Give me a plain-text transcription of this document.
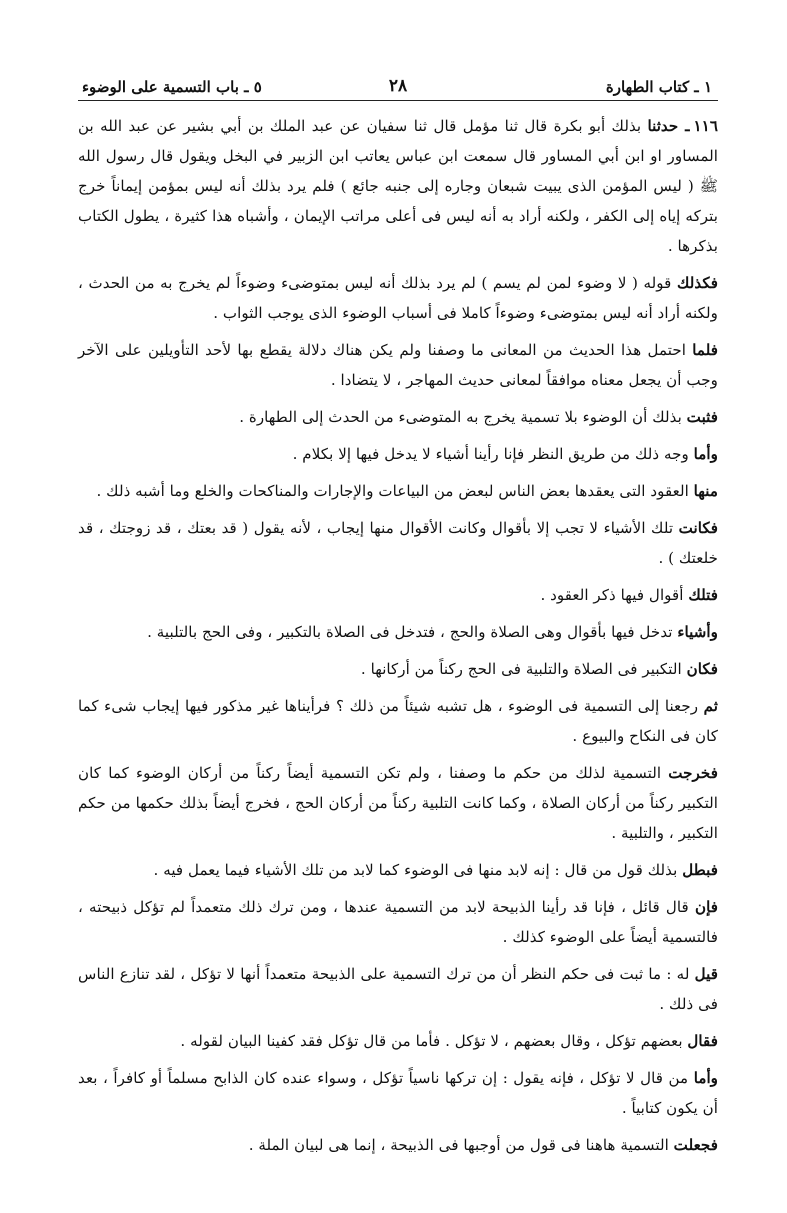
١ ـ كتاب الطهارة
٢٨
٥ ـ باب التسمية على الوضوء

١١٦ـ حدثنا بذلك أبو بكرة قال ثنا مؤمل قال ثنا سفيان عن عبد الملك بن أبي بشير عن عبد الله بن المساور او ابن أبي المساور قال سمعت ابن عباس يعاتب ابن الزبير في البخل ويقول قال رسول الله ﷺ ( ليس المؤمن الذى يبيت شبعان وجاره إلى جنبه جائع ) فلم يرد بذلك أنه ليس بمؤمن إيماناً خرج بتركه إياه إلى الكفر ، ولكنه أراد به أنه ليس فى أعلى مراتب الإيمان ، وأشباه هذا كثيرة ، يطول الكتاب بذكرها .

فكذلك قوله ( لا وضوء لمن لم يسم ) لم يرد بذلك أنه ليس بمتوضىء وضوءاً لم يخرج به من الحدث ، ولكنه أراد أنه ليس بمتوضىء وضوءاً كاملا فى أسباب الوضوء الذى يوجب الثواب .

فلما احتمل هذا الحديث من المعانى ما وصفنا ولم يكن هناك دلالة يقطع بها لأحد التأويلين على الآخر وجب أن يجعل معناه موافقاً لمعانى حديث المهاجر ، لا يتضادا .

فثبت بذلك أن الوضوء بلا تسمية يخرج به المتوضىء من الحدث إلى الطهارة .

وأما وجه ذلك من طريق النظر فإنا رأينا أشياء لا يدخل فيها إلا بكلام .

منها العقود التى يعقدها بعض الناس لبعض من البياعات والإجارات والمناكحات والخلع وما أشبه ذلك .

فكانت تلك الأشياء لا تجب إلا بأقوال وكانت الأقوال منها إيجاب ، لأنه يقول ( قد بعتك ، قد زوجتك ، قد خلعتك ) .

فتلك أقوال فيها ذكر العقود .

وأشياء تدخل فيها بأقوال وهى الصلاة والحج ، فتدخل فى الصلاة بالتكبير ، وفى الحج بالتلبية .

فكان التكبير فى الصلاة والتلبية فى الحج ركناً من أركانها .

ثم رجعنا إلى التسمية فى الوضوء ، هل تشبه شيئاً من ذلك ؟ فرأيناها غير مذكور فيها إيجاب شىء كما كان فى النكاح والبيوع .

فخرجت التسمية لذلك من حكم ما وصفنا ، ولم تكن التسمية أيضاً ركناً من أركان الوضوء كما كان التكبير ركناً من أركان الصلاة ، وكما كانت التلبية ركناً من أركان الحج ، فخرج أيضاً بذلك حكمها من حكم التكبير ، والتلبية .

فبطل بذلك قول من قال : إنه لابد منها فى الوضوء كما لابد من تلك الأشياء فيما يعمل فيه .

فإن قال قائل ، فإنا قد رأينا الذبيحة لابد من التسمية عندها ، ومن ترك ذلك متعمداً لم تؤكل ذبيحته ، فالتسمية أيضاً على الوضوء كذلك .

قيل له : ما ثبت فى حكم النظر أن من ترك التسمية على الذبيحة متعمداً أنها لا تؤكل ، لقد تنازع الناس فى ذلك .

فقال بعضهم تؤكل ، وقال بعضهم ، لا تؤكل . فأما من قال تؤكل فقد كفينا البيان لقوله .

وأما من قال لا تؤكل ، فإنه يقول : إن تركها ناسياً تؤكل ، وسواء عنده كان الذابح مسلماً أو كافراً ، بعد أن يكون كتابياً .

فجعلت التسمية هاهنا فى قول من أوجبها فى الذبيحة ، إنما هى لبيان الملة .
